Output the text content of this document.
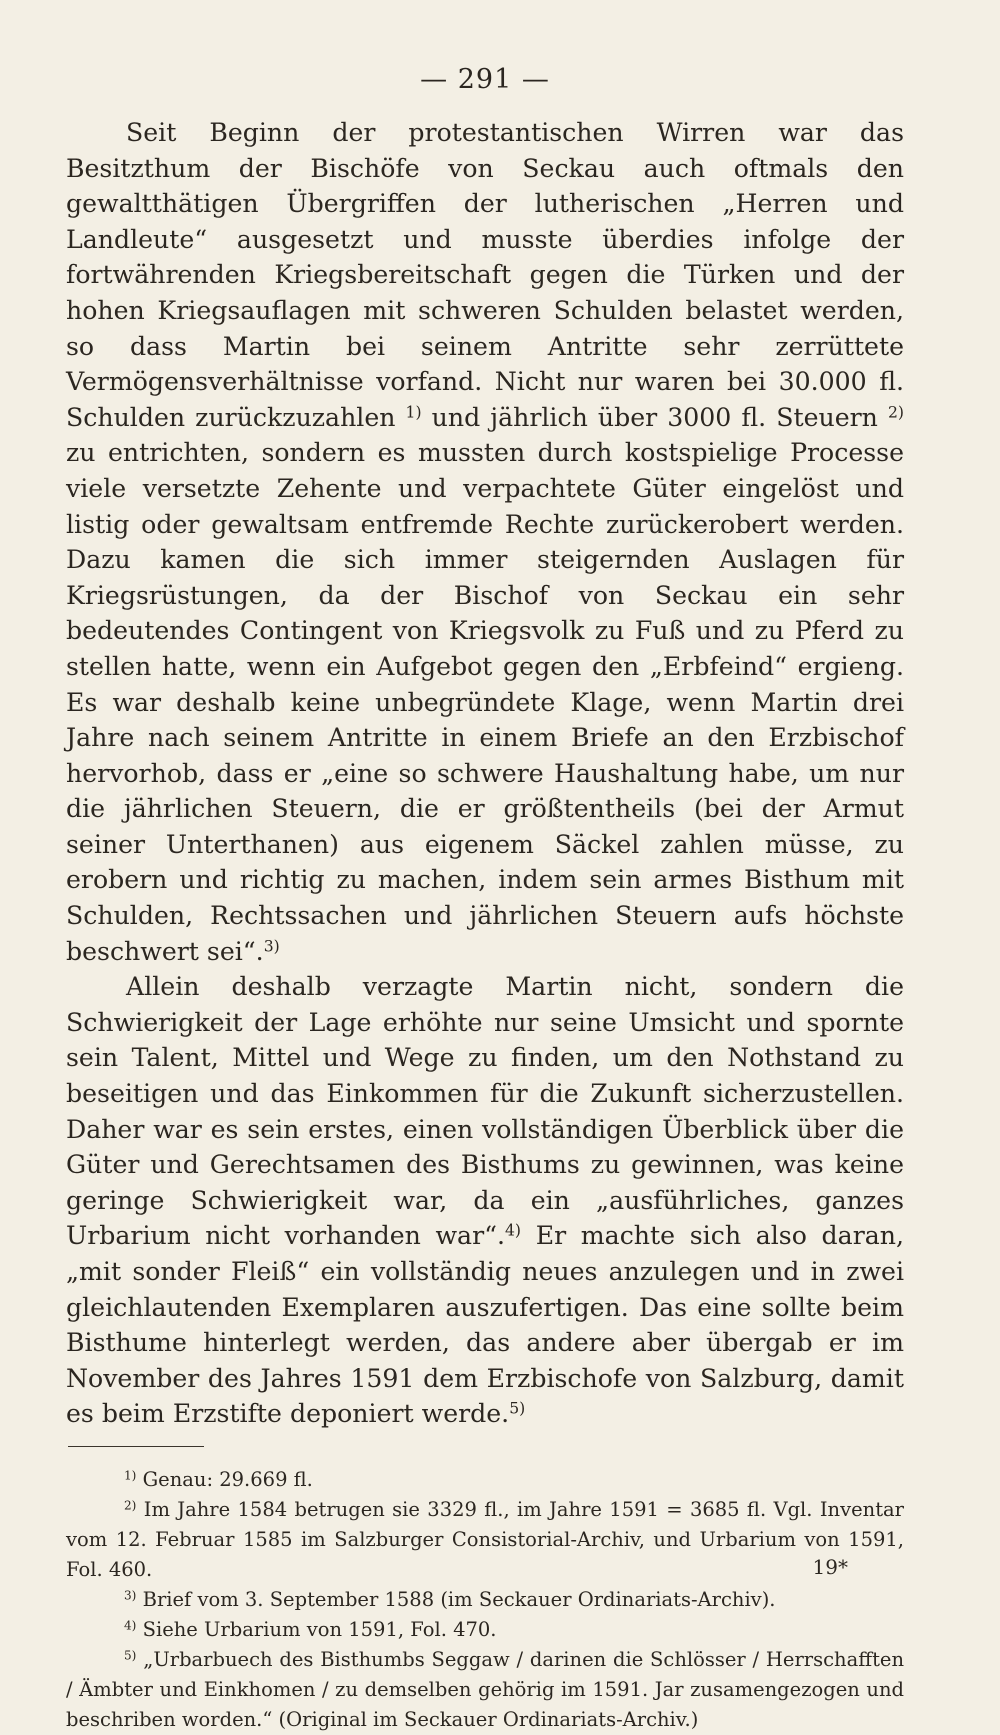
— 291 —

Seit Beginn der protestantischen Wirren war das Besitzthum der Bischöfe von Seckau auch oftmals den gewaltthätigen Übergriffen der lutherischen „Herren und Landleute“ ausgesetzt und musste überdies infolge der fortwährenden Kriegsbereitschaft gegen die Türken und der hohen Kriegsauflagen mit schweren Schulden belastet werden, so dass Martin bei seinem Antritte sehr zerrüttete Vermögensverhältnisse vorfand. Nicht nur waren bei 30.000 fl. Schulden zurückzuzahlen $^{1)}$ und jährlich über 3000 fl. Steuern $^{2)}$ zu entrichten, sondern es mussten durch kostspielige Processe viele versetzte Zehente und verpachtete Güter eingelöst und listig oder gewaltsam entfremde Rechte zurückerobert werden. Dazu kamen die sich immer steigernden Auslagen für Kriegsrüstungen, da der Bischof von Seckau ein sehr bedeutendes Contingent von Kriegsvolk zu Fuß und zu Pferd zu stellen hatte, wenn ein Aufgebot gegen den „Erbfeind“ ergieng. Es war deshalb keine unbegründete Klage, wenn Martin drei Jahre nach seinem Antritte in einem Briefe an den Erzbischof hervorhob, dass er „eine so schwere Haushaltung habe, um nur die jährlichen Steuern, die er größtentheils (bei der Armut seiner Unterthanen) aus eigenem Säckel zahlen müsse, zu erobern und richtig zu machen, indem sein armes Bisthum mit Schulden, Rechtssachen und jährlichen Steuern aufs höchste beschwert sei“.$^{3)}$

Allein deshalb verzagte Martin nicht, sondern die Schwierigkeit der Lage erhöhte nur seine Umsicht und spornte sein Talent, Mittel und Wege zu finden, um den Nothstand zu beseitigen und das Einkommen für die Zukunft sicherzustellen. Daher war es sein erstes, einen vollständigen Überblick über die Güter und Gerechtsamen des Bisthums zu gewinnen, was keine geringe Schwierigkeit war, da ein „ausführliches, ganzes Urbarium nicht vorhanden war“.$^{4)}$ Er machte sich also daran, „mit sonder Fleiß“ ein vollständig neues anzulegen und in zwei gleichlautenden Exemplaren auszufertigen. Das eine sollte beim Bisthume hinterlegt werden, das andere aber übergab er im November des Jahres 1591 dem Erzbischofe von Salzburg, damit es beim Erzstifte deponiert werde.$^{5)}$

$^{1)}$ Genau: 29.669 fl.

$^{2)}$ Im Jahre 1584 betrugen sie 3329 fl., im Jahre 1591 = 3685 fl. Vgl. Inventar vom 12. Februar 1585 im Salzburger Consistorial-Archiv, und Urbarium von 1591, Fol. 460.

$^{3)}$ Brief vom 3. September 1588 (im Seckauer Ordinariats-Archiv).

$^{4)}$ Siehe Urbarium von 1591, Fol. 470.

$^{5)}$ „Urbarbuech des Bisthumbs Seggaw / darinen die Schlösser / Herrschafften / Ämbter und Einkhomen / zu demselben gehörig im 1591. Jar zusamengezogen und beschriben worden.“ (Original im Seckauer Ordinariats-Archiv.)

19*
